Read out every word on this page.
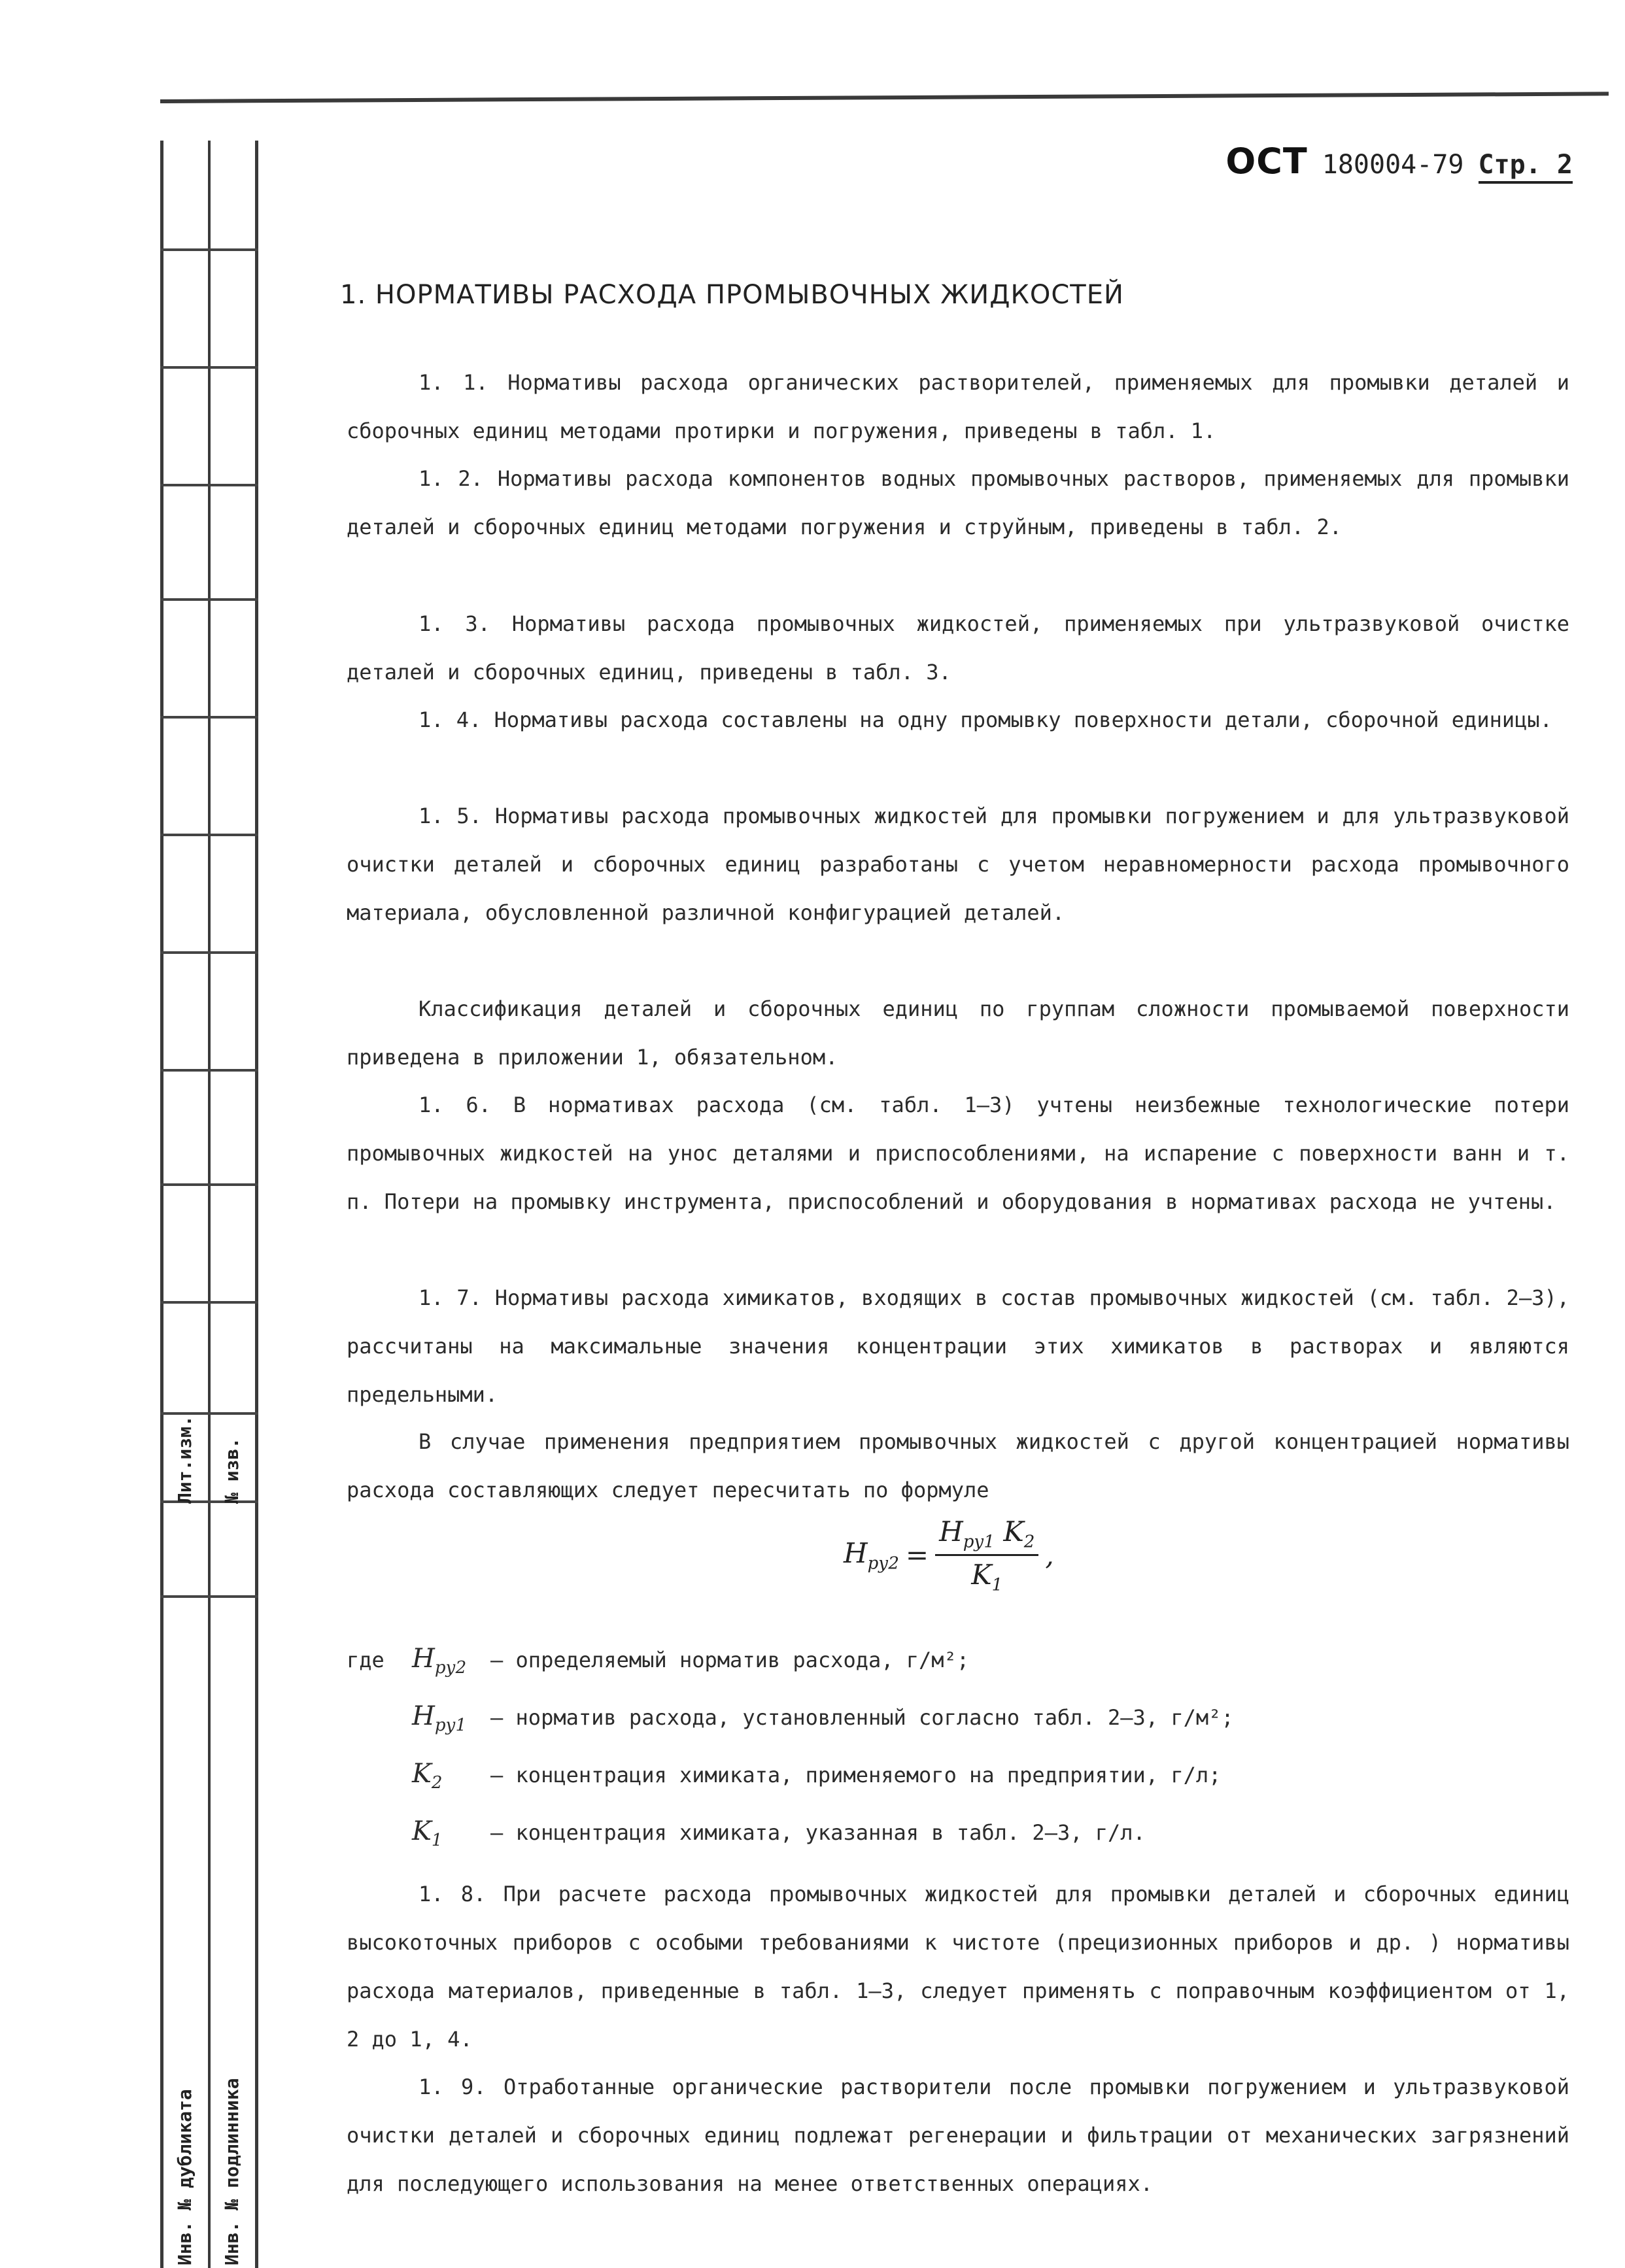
Лит.изм. № изв.
Инв. № дубликата Инв. № подлинника
ОСТ 180004-79 Стр. 2
1. НОРМАТИВЫ РАСХОДА ПРОМЫВОЧНЫХ ЖИДКОСТЕЙ
1. 1. Нормативы расхода органических растворителей, применяемых для промывки деталей и сборочных единиц методами протирки и погружения, приведены в табл. 1.
1. 2. Нормативы расхода компонентов водных промывочных растворов, применяемых для промывки деталей и сборочных единиц методами погружения и струйным, приведены в табл. 2.
1. 3. Нормативы расхода промывочных жидкостей, применяемых при ультразвуковой очистке деталей и сборочных единиц, приведены в табл. 3.
1. 4. Нормативы расхода составлены на одну промывку поверхности детали, сборочной единицы.
1. 5. Нормативы расхода промывочных жидкостей для промывки погружением и для ультразвуковой очистки деталей и сборочных единиц разработаны с учетом неравномерности расхода промывочного материала, обусловленной различной конфигурацией деталей.
Классификация деталей и сборочных единиц по группам сложности промываемой поверхности приведена в приложении 1, обязательном.
1. 6. В нормативах расхода (см. табл. 1–3) учтены неизбежные технологические потери промывочных жидкостей на унос деталями и приспособлениями, на испарение с поверхности ванн и т. п. Потери на промывку инструмента, приспособлений и оборудования в нормативах расхода не учтены.
1. 7. Нормативы расхода химикатов, входящих в состав промывочных жидкостей (см. табл. 2–3), рассчитаны на максимальные значения концентрации этих химикатов в растворах и являются предельными.
В случае применения предприятием промывочных жидкостей с другой концентрацией нормативы расхода составляющих следует пересчитать по формуле
$H_{ру2} = \frac{H_{ру1} K_2}{K_1}$ ,
где	$H_{ру2}$	– определяемый норматив расхода, г/м²;
$H_{ру1}$	– норматив расхода, установленный согласно табл. 2–3, г/м²;
$K_2$	– концентрация химиката, применяемого на предприятии, г/л;
$K_1$	– концентрация химиката, указанная в табл. 2–3, г/л.
1. 8. При расчете расхода промывочных жидкостей для промывки деталей и сборочных единиц высокоточных приборов с особыми требованиями к чистоте (прецизионных приборов и др. ) нормативы расхода материалов, приведенные в табл. 1–3, следует применять с поправочным коэффициентом от 1, 2 до 1, 4.
1. 9. Отработанные органические растворители после промывки погружением и ультразвуковой очистки деталей и сборочных единиц подлежат регенерации и фильтрации от механических загрязнений для последующего использования на менее ответственных операциях.
